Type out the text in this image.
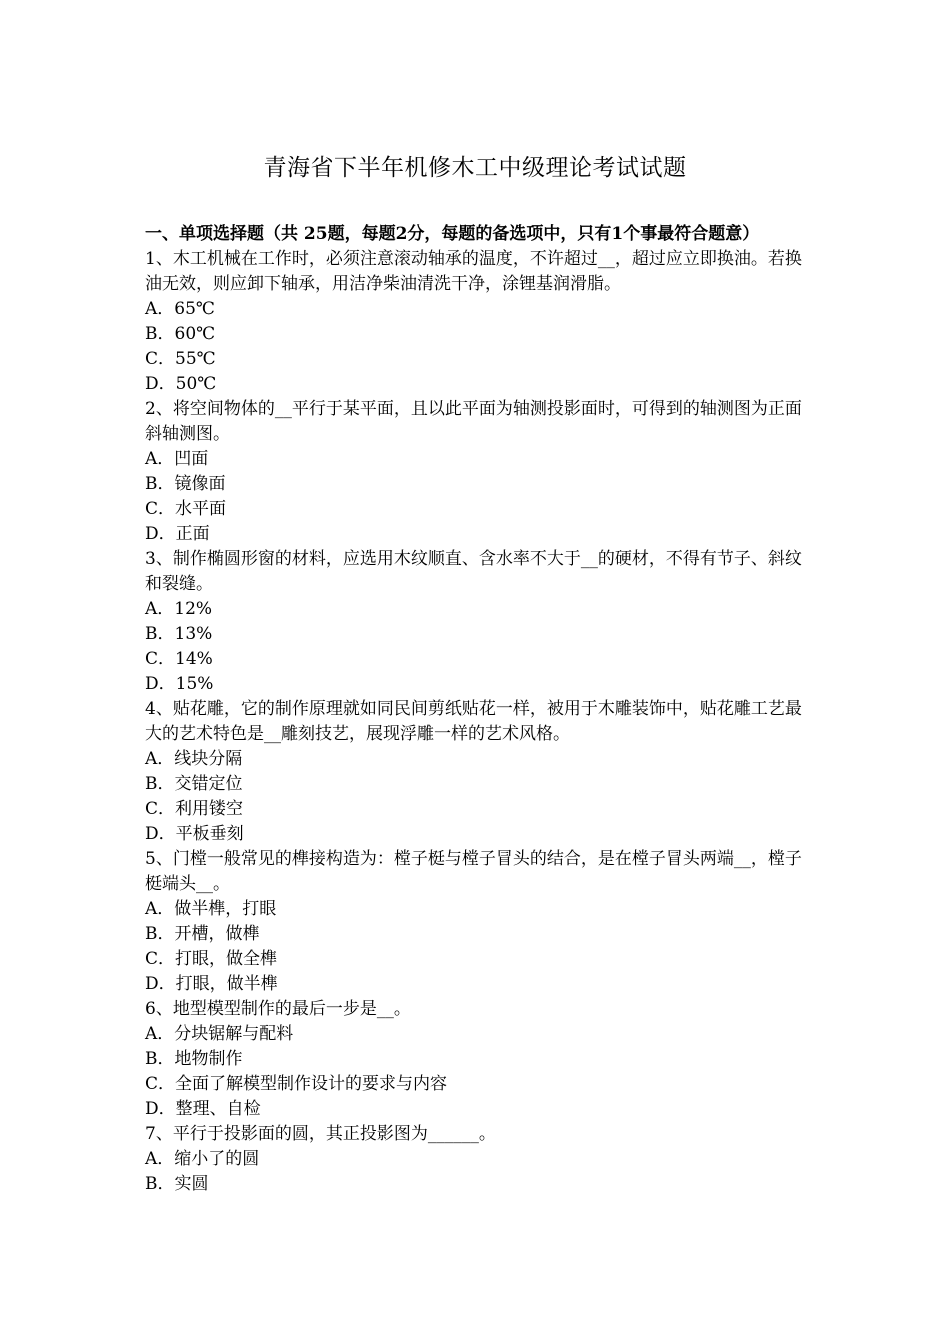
青海省下半年机修木工中级理论考试试题

一、单项选择题（共 25题，每题2分，每题的备选项中，只有1个事最符合题意）

1、木工机械在工作时，必须注意滚动轴承的温度，不许超过__，超过应立即换油。若换油无效，则应卸下轴承，用洁净柴油清洗干净，涂锂基润滑脂。

A．65℃

B．60℃

C．55℃

D．50℃

2、将空间物体的__平行于某平面，且以此平面为轴测投影面时，可得到的轴测图为正面斜轴测图。

A．凹面

B．镜像面

C．水平面

D．正面

3、制作椭圆形窗的材料，应选用木纹顺直、含水率不大于__的硬材，不得有节子、斜纹和裂缝。

A．12%

B．13%

C．14%

D．15%

4、贴花雕，它的制作原理就如同民间剪纸贴花一样，被用于木雕装饰中，贴花雕工艺最大的艺术特色是__雕刻技艺，展现浮雕一样的艺术风格。

A．线块分隔

B．交错定位

C．利用镂空

D．平板垂刻

5、门樘一般常见的榫接构造为：樘子梃与樘子冒头的结合，是在樘子冒头两端__，樘子梃端头__。

A．做半榫，打眼

B．开槽，做榫

C．打眼，做全榫

D．打眼，做半榫

6、地型模型制作的最后一步是__。

A．分块锯解与配料

B．地物制作

C．全面了解模型制作设计的要求与内容

D．整理、自检

7、平行于投影面的圆，其正投影图为______。

A．缩小了的圆

B．实圆
